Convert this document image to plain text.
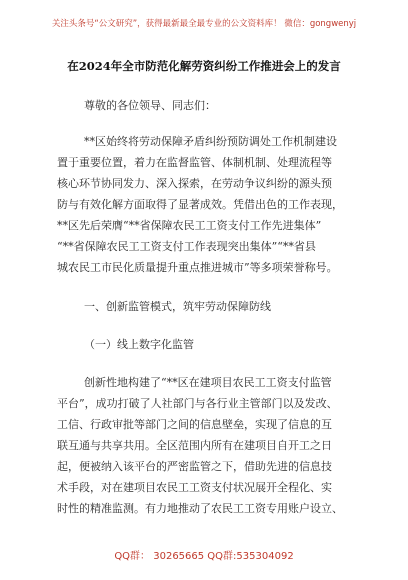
关注头条号“公文研究”，获得最新最全最专业的公文资料库！ 微信：gongwenyj
在2024年全市防范化解劳资纠纷工作推进会上的发言
尊敬的各位领导、同志们：
**区始终将劳动保障矛盾纠纷预防调处工作机制建设
置于重要位置，着力在监督监管、体制机制、处理流程等
核心环节协同发力、深入探索，在劳动争议纠纷的源头预
防与有效化解方面取得了显著成效。凭借出色的工作表现，
**区先后荣膺“**省保障农民工工资支付工作先进集体”
“**省保障农民工工资支付工作表现突出集体”“**省县
城农民工市民化质量提升重点推进城市”等多项荣誉称号。
一、创新监管模式，筑牢劳动保障防线
（一）线上数字化监管
创新性地构建了“**区在建项目农民工工资支付监管
平台”，成功打破了人社部门与各行业主管部门以及发改、
工信、行政审批等部门之间的信息壁垒，实现了信息的互
联互通与共享共用。全区范围内所有在建项目自开工之日
起，便被纳入该平台的严密监管之下，借助先进的信息技
术手段，对在建项目农民工工资支付状况展开全程化、实
时性的精准监测。有力地推动了农民工工资专用账户设立、
QQ群： 30265665 QQ群:535304092
